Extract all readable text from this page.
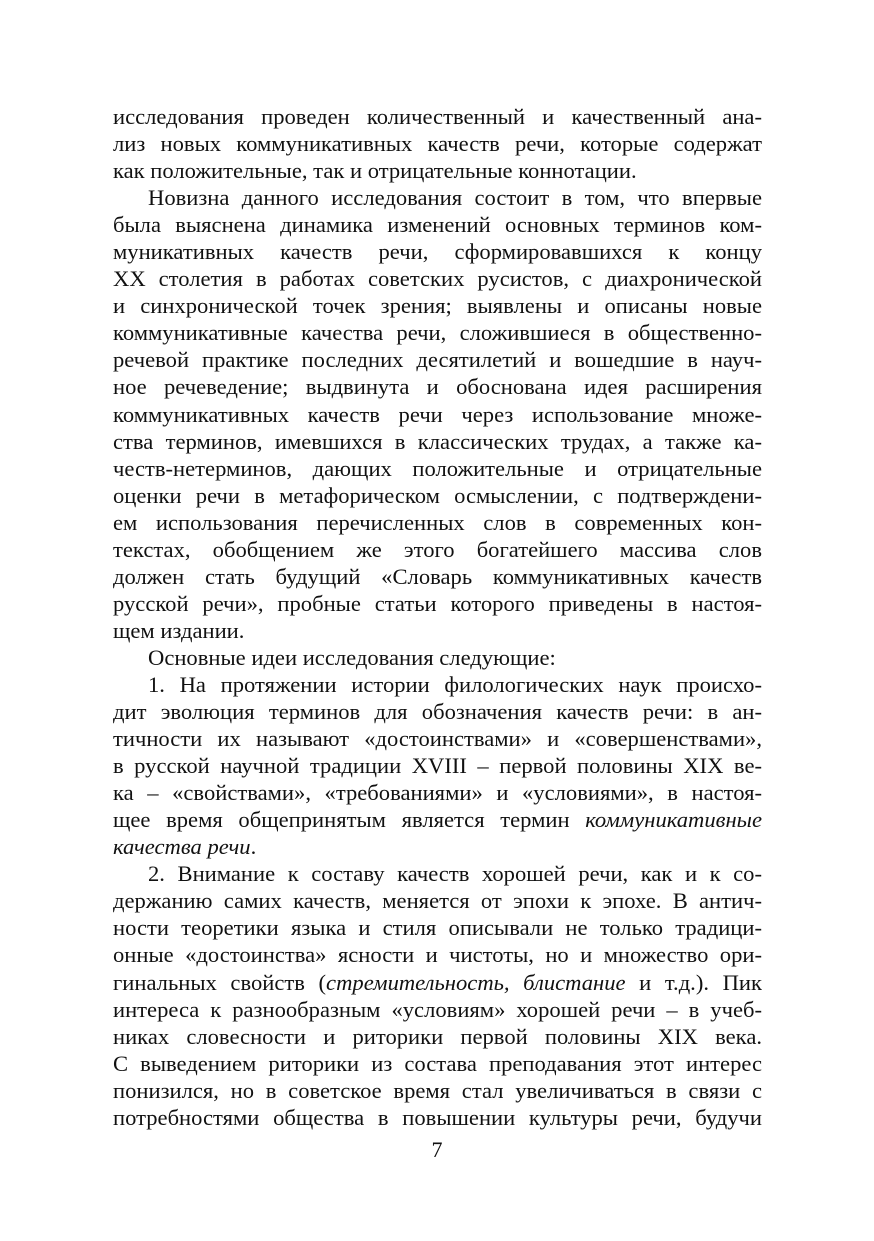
исследования проведен количественный и качественный ана-
лиз новых коммуникативных качеств речи, которые содержат
как положительные, так и отрицательные коннотации.
Новизна данного исследования состоит в том, что впервые
была выяснена динамика изменений основных терминов ком-
муникативных качеств речи, сформировавшихся к концу
XX столетия в работах советских русистов, с диахронической
и синхронической точек зрения; выявлены и описаны новые
коммуникативные качества речи, сложившиеся в общественно-
речевой практике последних десятилетий и вошедшие в науч-
ное речеведение; выдвинута и обоснована идея расширения
коммуникативных качеств речи через использование множе-
ства терминов, имевшихся в классических трудах, а также ка-
честв-нетерминов, дающих положительные и отрицательные
оценки речи в метафорическом осмыслении, с подтверждени-
ем использования перечисленных слов в современных кон-
текстах, обобщением же этого богатейшего массива слов
должен стать будущий «Словарь коммуникативных качеств
русской речи», пробные статьи которого приведены в настоя-
щем издании.
Основные идеи исследования следующие:
1. На протяжении истории филологических наук происхо-
дит эволюция терминов для обозначения качеств речи: в ан-
тичности их называют «достоинствами» и «совершенствами»,
в русской научной традиции XVIII – первой половины XIX ве-
ка – «свойствами», «требованиями» и «условиями», в настоя-
щее время общепринятым является термин коммуникативные
качества речи.
2. Внимание к составу качеств хорошей речи, как и к со-
держанию самих качеств, меняется от эпохи к эпохе. В антич-
ности теоретики языка и стиля описывали не только традици-
онные «достоинства» ясности и чистоты, но и множество ори-
гинальных свойств (стремительность, блистание и т.д.). Пик
интереса к разнообразным «условиям» хорошей речи – в учеб-
никах словесности и риторики первой половины XIX века.
С выведением риторики из состава преподавания этот интерес
понизился, но в советское время стал увеличиваться в связи с
потребностями общества в повышении культуры речи, будучи
7
